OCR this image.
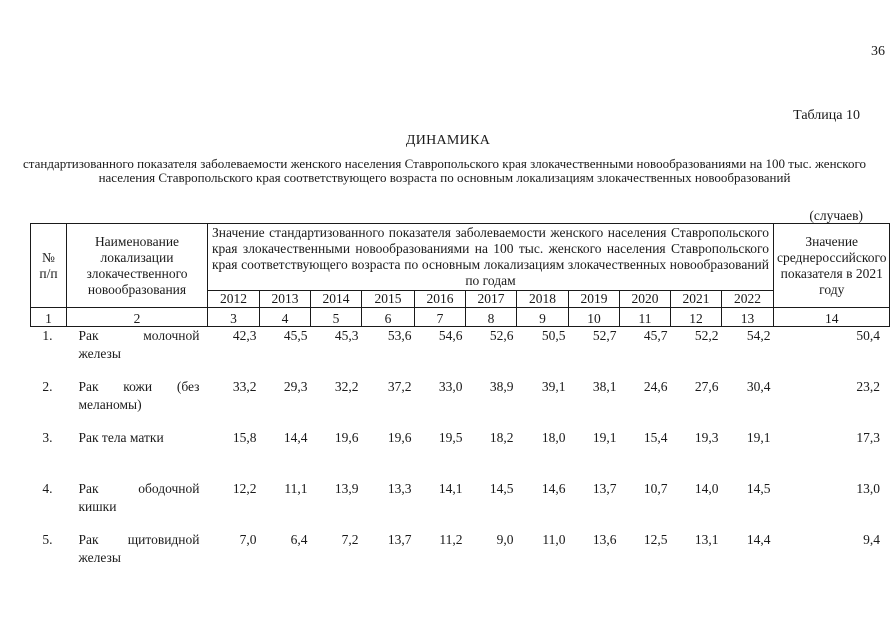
36
Таблица 10
ДИНАМИКА
стандартизованного показателя заболеваемости женского населения Ставропольского края злокачественными новообразованиями на 100 тыс. женского населения Ставропольского края соответствующего возраста по основным локализациям злокачественных новообразований
(случаев)
№ п/п	Наименование локализации злокачественного новообразования	Значение стандартизованного показателя заболеваемости женского населения Ставропольского края злокачественными новообразованиями на 100 тыс. женского населения Ставропольского края соответствующего возраста по основным локализациям злокачественных новообразований по годам											Значение среднероссийского показателя в 2021 году
		2012	2013	2014	2015	2016	2017	2018	2019	2020	2021	2022	
1	2	3	4	5	6	7	8	9	10	11	12	13	14
1.	Рак молочной железы	42,3	45,5	45,3	53,6	54,6	52,6	50,5	52,7	45,7	52,2	54,2	50,4
2.	Рак кожи (без меланомы)	33,2	29,3	32,2	37,2	33,0	38,9	39,1	38,1	24,6	27,6	30,4	23,2
3.	Рак тела матки	15,8	14,4	19,6	19,6	19,5	18,2	18,0	19,1	15,4	19,3	19,1	17,3
4.	Рак ободочной кишки	12,2	11,1	13,9	13,3	14,1	14,5	14,6	13,7	10,7	14,0	14,5	13,0
5.	Рак щитовидной железы	7,0	6,4	7,2	13,7	11,2	9,0	11,0	13,6	12,5	13,1	14,4	9,4
